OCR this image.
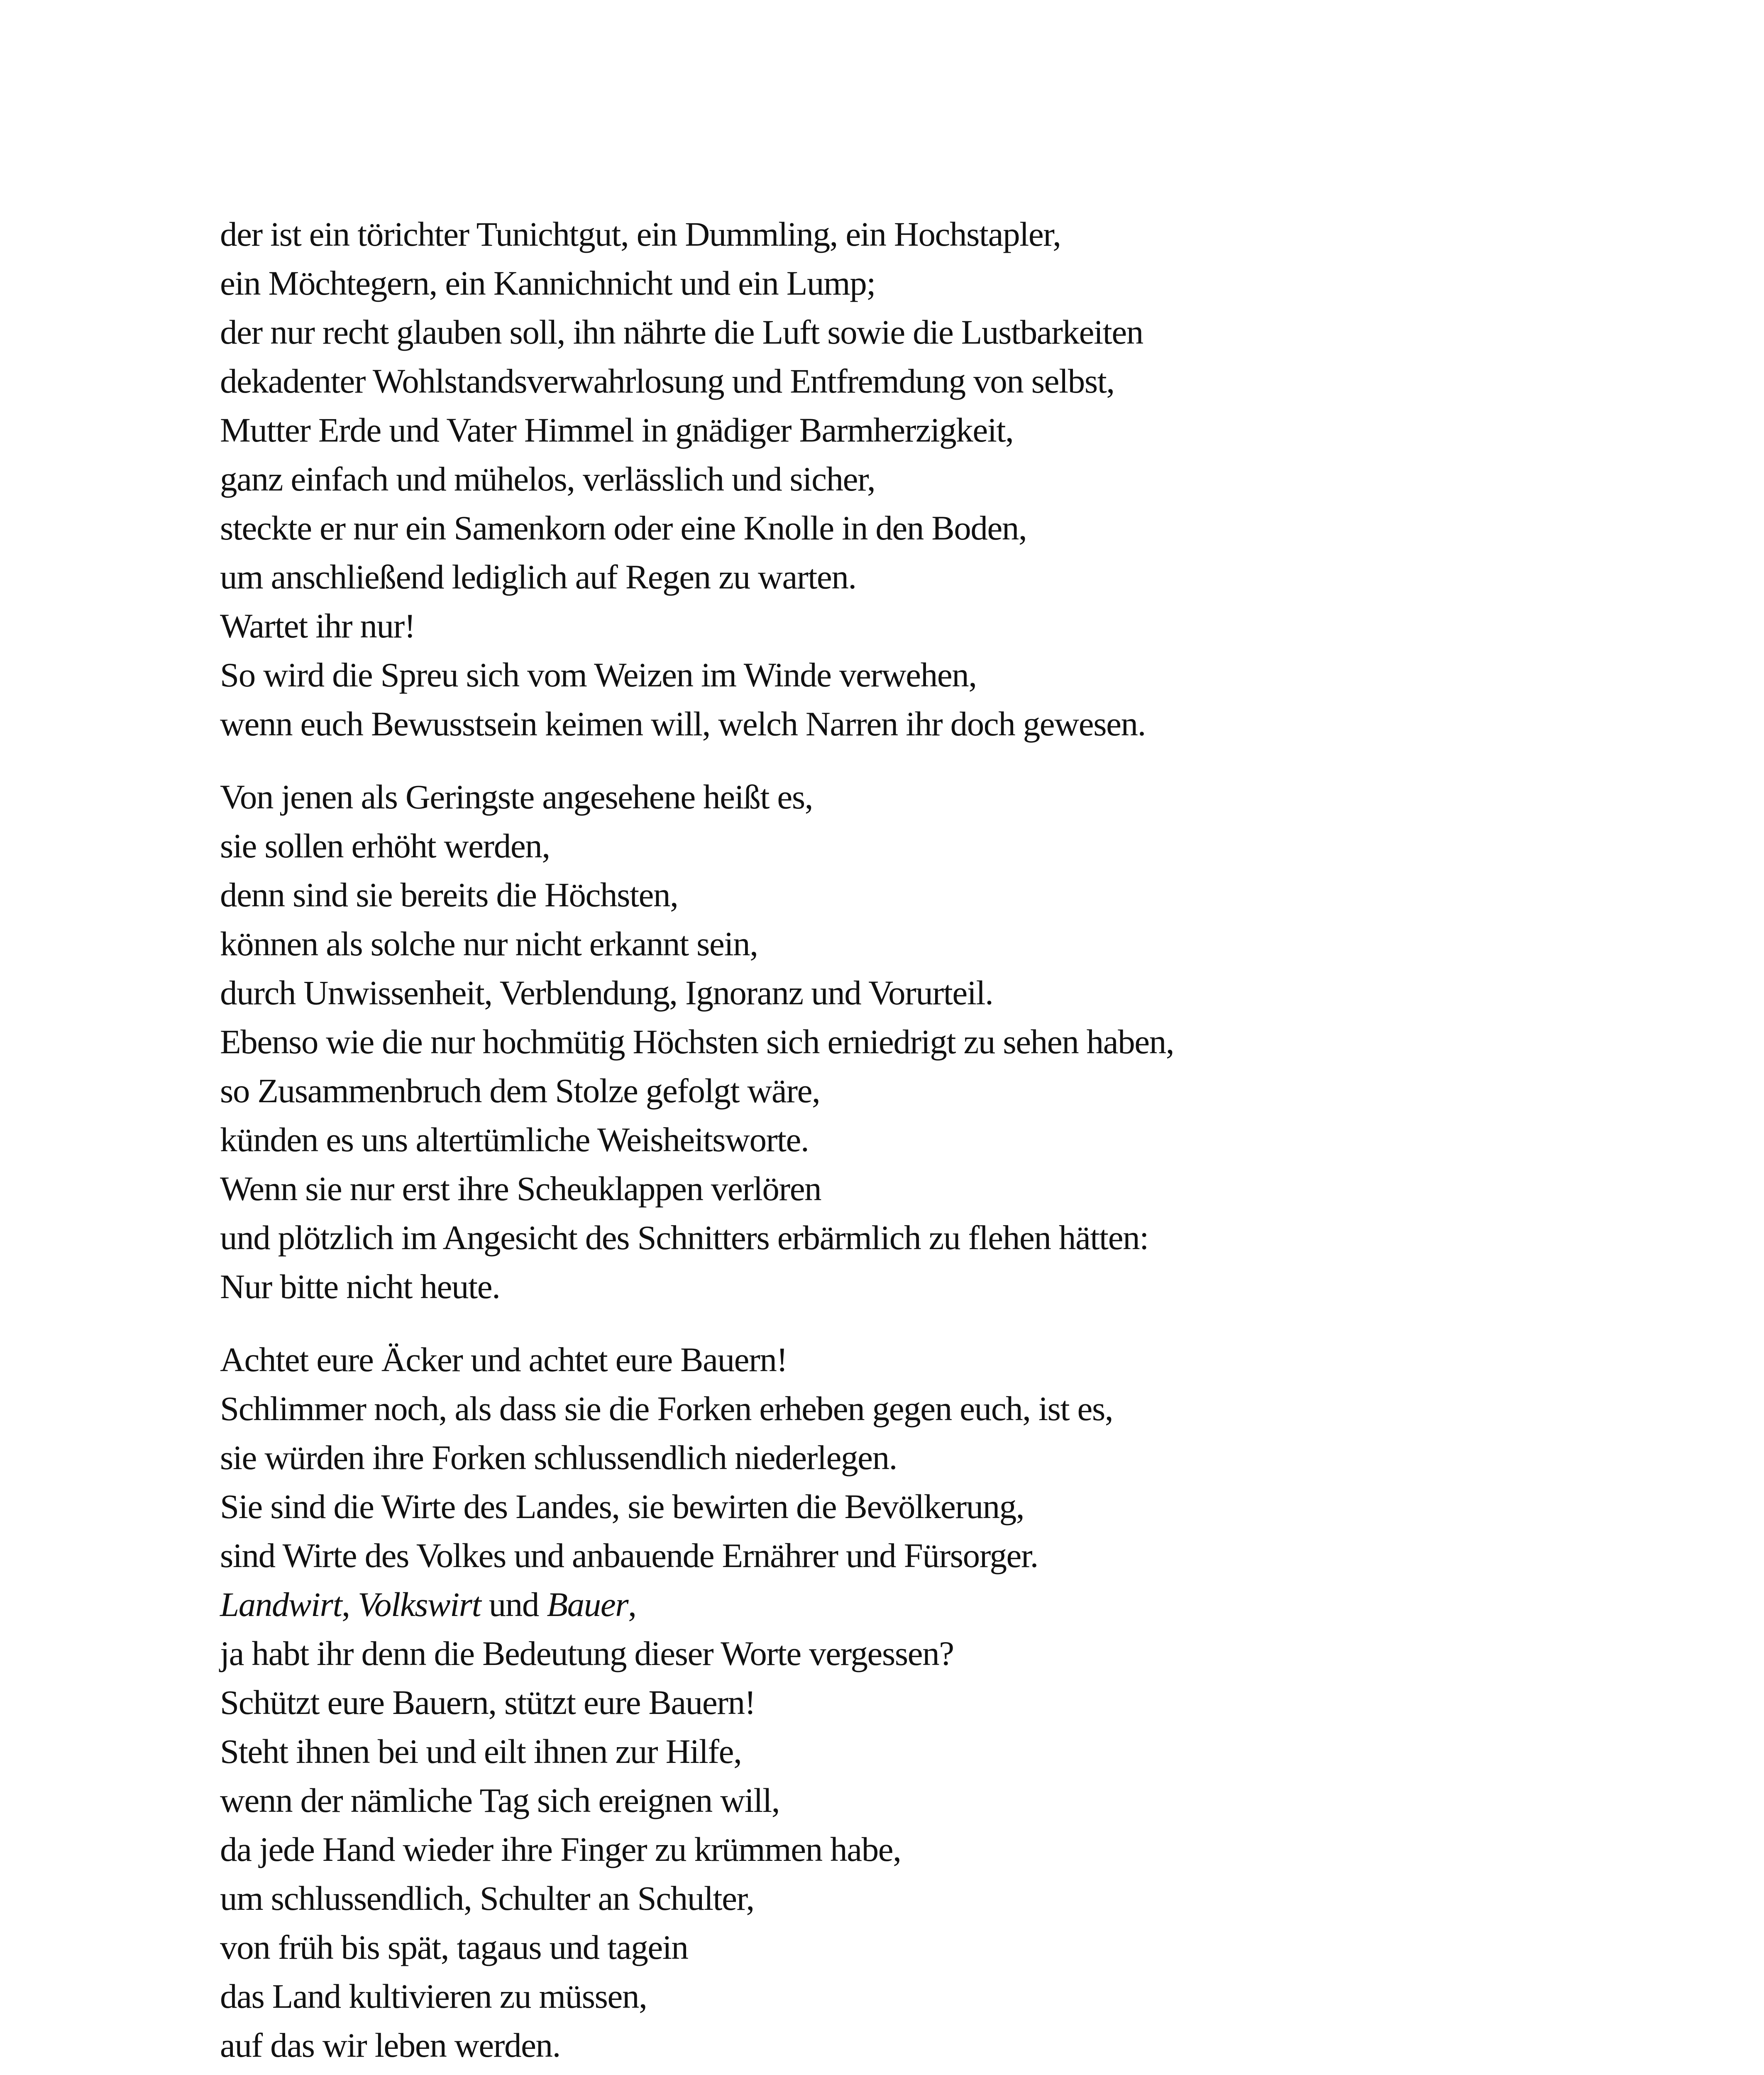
der ist ein törichter Tunichtgut, ein Dummling, ein Hochstapler,
ein Möchtegern, ein Kannichnicht und ein Lump;
der nur recht glauben soll, ihn nährte die Luft sowie die Lustbarkeiten
dekadenter Wohlstandsverwahrlosung und Entfremdung von selbst,
Mutter Erde und Vater Himmel in gnädiger Barmherzigkeit,
ganz einfach und mühelos, verlässlich und sicher,
steckte er nur ein Samenkorn oder eine Knolle in den Boden,
um anschließend lediglich auf Regen zu warten.
Wartet ihr nur!
So wird die Spreu sich vom Weizen im Winde verwehen,
wenn euch Bewusstsein keimen will, welch Narren ihr doch gewesen.

Von jenen als Geringste angesehene heißt es,
sie sollen erhöht werden,
denn sind sie bereits die Höchsten,
können als solche nur nicht erkannt sein,
durch Unwissenheit, Verblendung, Ignoranz und Vorurteil.
Ebenso wie die nur hochmütig Höchsten sich erniedrigt zu sehen haben,
so Zusammenbruch dem Stolze gefolgt wäre,
künden es uns altertümliche Weisheitsworte.
Wenn sie nur erst ihre Scheuklappen verlören
und plötzlich im Angesicht des Schnitters erbärmlich zu flehen hätten:
Nur bitte nicht heute.

Achtet eure Äcker und achtet eure Bauern!
Schlimmer noch, als dass sie die Forken erheben gegen euch, ist es,
sie würden ihre Forken schlussendlich niederlegen.
Sie sind die Wirte des Landes, sie bewirten die Bevölkerung,
sind Wirte des Volkes und anbauende Ernährer und Fürsorger.
Landwirt, Volkswirt und Bauer,
ja habt ihr denn die Bedeutung dieser Worte vergessen?
Schützt eure Bauern, stützt eure Bauern!
Steht ihnen bei und eilt ihnen zur Hilfe,
wenn der nämliche Tag sich ereignen will,
da jede Hand wieder ihre Finger zu krümmen habe,
um schlussendlich, Schulter an Schulter,
von früh bis spät, tagaus und tagein
das Land kultivieren zu müssen,
auf das wir leben werden.
